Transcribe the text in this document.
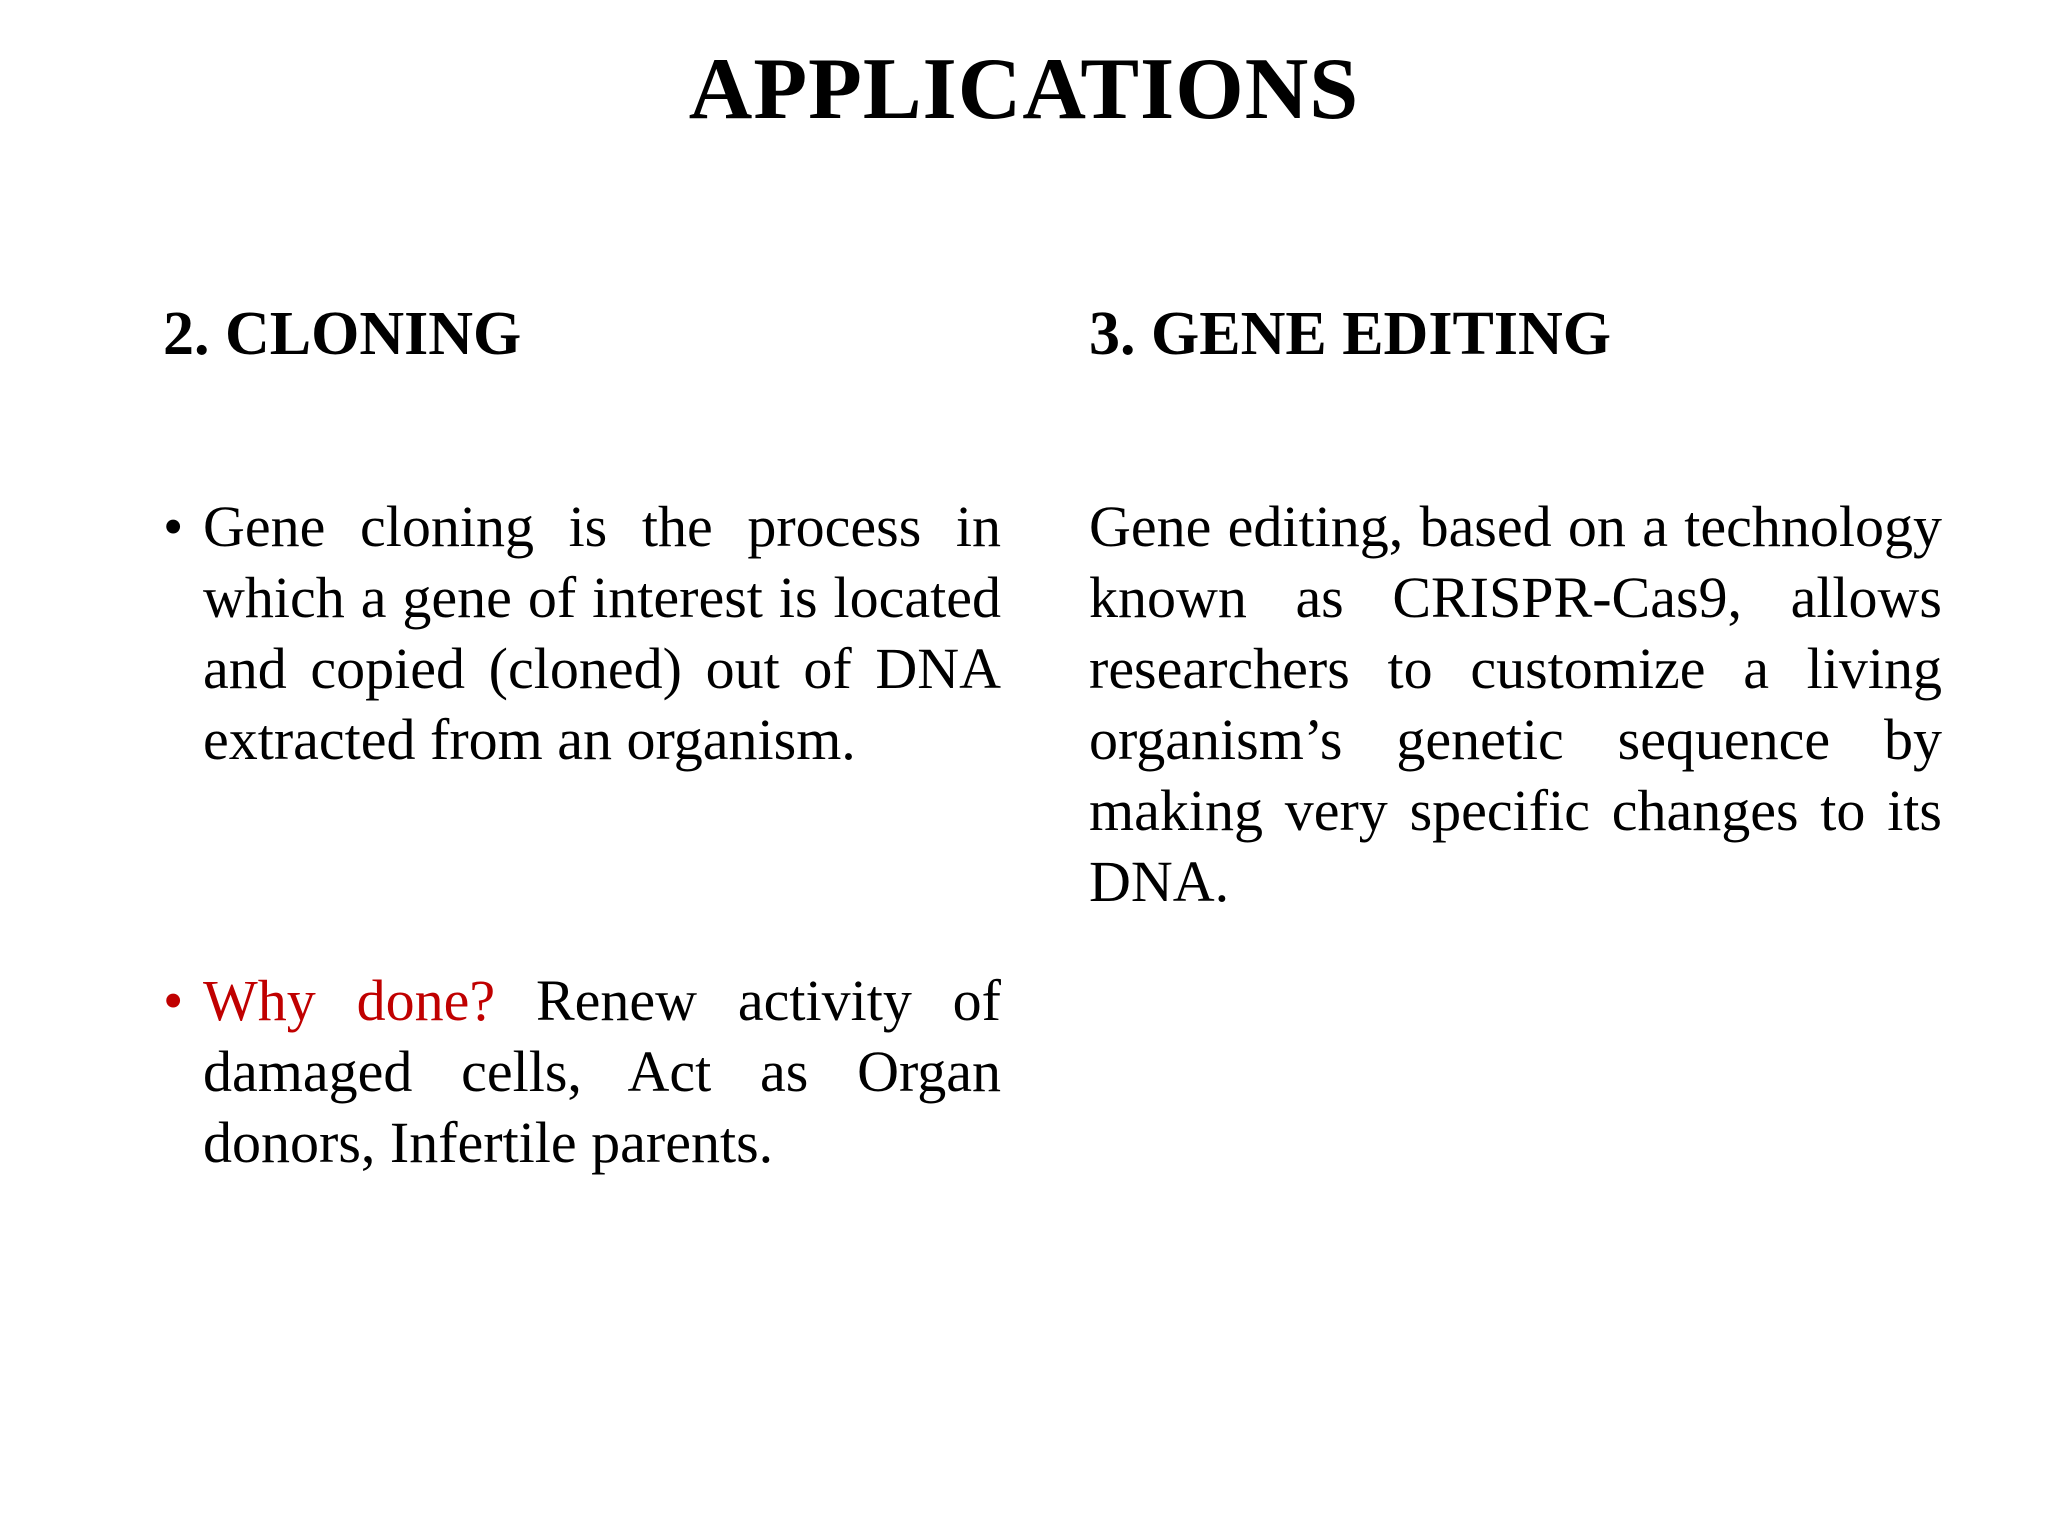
APPLICATIONS
2. CLONING	3. GENE EDITING
• Gene cloning is the process in which a gene of interest is located and copied (cloned) out of DNA extracted from an organism.
• Why done? Renew activity of damaged cells, Act as Organ donors, Infertile parents.
Gene editing, based on a technology known as CRISPR-Cas9, allows researchers to customize a living organism’s genetic sequence by making very specific changes to its DNA.
